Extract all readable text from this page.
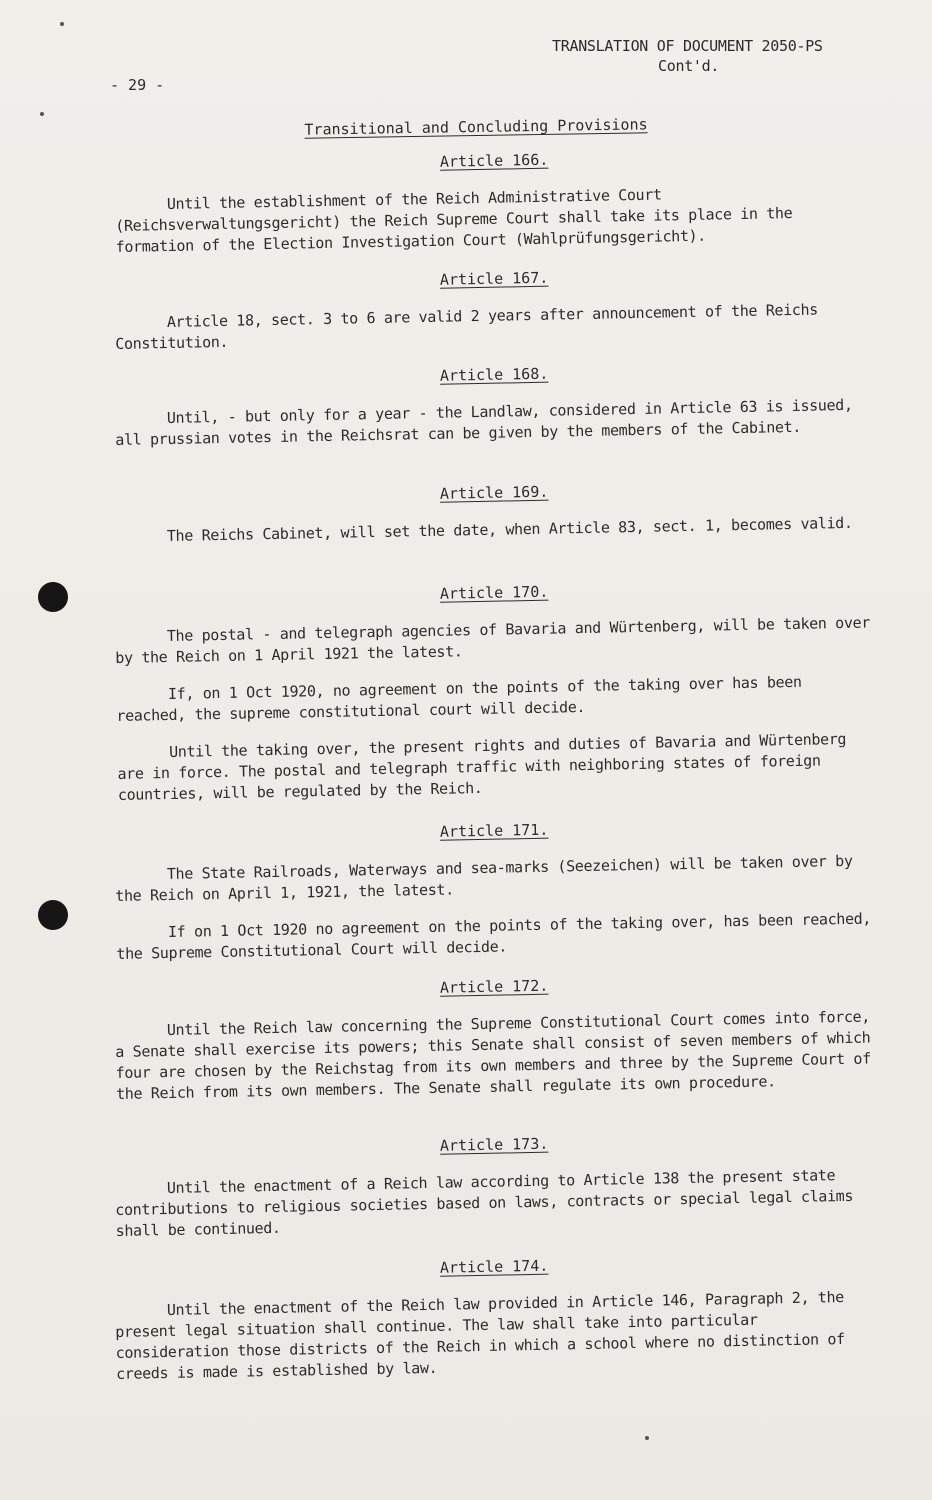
TRANSLATION OF DOCUMENT 2050-PS
Cont'd.
- 29 -
Transitional and Concluding Provisions
Article 166.

Until the establishment of the Reich Administrative Court (Reichsverwaltungsgericht) the Reich Supreme Court shall take its place in the formation of the Election Investigation Court (Wahlprüfungsgericht).

Article 167.

Article 18, sect. 3 to 6 are valid 2 years after announcement of the Reichs Constitution.

Article 168.

Until, - but only for a year - the Landlaw, considered in Article 63 is issued, all prussian votes in the Reichsrat can be given by the members of the Cabinet.

Article 169.

The Reichs Cabinet, will set the date, when Article 83, sect. 1, becomes valid.

Article 170.

The postal - and telegraph agencies of Bavaria and Würtenberg, will be taken over by the Reich on 1 April 1921 the latest.

If, on 1 Oct 1920, no agreement on the points of the taking over has been reached, the supreme constitutional court will decide.

Until the taking over, the present rights and duties of Bavaria and Würtenberg are in force. The postal and telegraph traffic with neighboring states of foreign countries, will be regulated by the Reich.

Article 171.

The State Railroads, Waterways and sea-marks (Seezeichen) will be taken over by the Reich on April 1, 1921, the latest.

If on 1 Oct 1920 no agreement on the points of the taking over, has been reached, the Supreme Constitutional Court will decide.

Article 172.

Until the Reich law concerning the Supreme Constitutional Court comes into force, a Senate shall exercise its powers; this Senate shall consist of seven members of which four are chosen by the Reichstag from its own members and three by the Supreme Court of the Reich from its own members. The Senate shall regulate its own procedure.

Article 173.

Until the enactment of a Reich law according to Article 138 the present state contributions to religious societies based on laws, contracts or special legal claims shall be continued.

Article 174.

Until the enactment of the Reich law provided in Article 146, Paragraph 2, the present legal situation shall continue. The law shall take into particular consideration those districts of the Reich in which a school where no distinction of creeds is made is established by law.
